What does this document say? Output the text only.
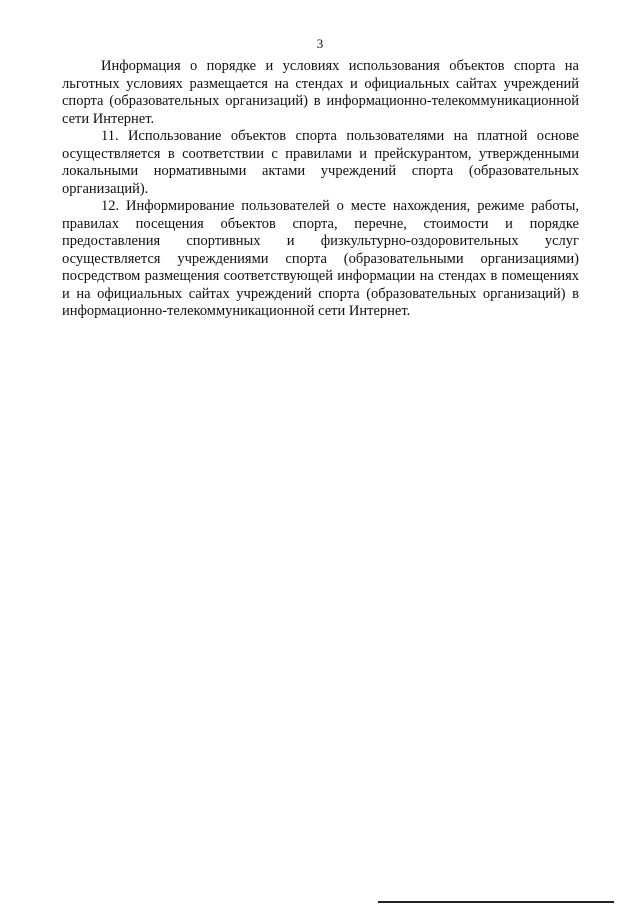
3

Информация о порядке и условиях использования объектов спорта на льготных условиях размещается на стендах и официальных сайтах учреждений спорта (образовательных организаций) в информационно-телекоммуникационной сети Интернет.

11. Использование объектов спорта пользователями на платной основе осуществляется в соответствии с правилами и прейскурантом, утвержденными локальными нормативными актами учреждений спорта (образовательных организаций).

12. Информирование пользователей о месте нахождения, режиме работы, правилах посещения объектов спорта, перечне, стоимости и порядке предоставления спортивных и физкультурно-оздоровительных услуг осуществляется учреждениями спорта (образовательными организациями) посредством размещения соответствующей информации на стендах в помещениях и на официальных сайтах учреждений спорта (образовательных организаций) в информационно-телекоммуникационной сети Интернет.
